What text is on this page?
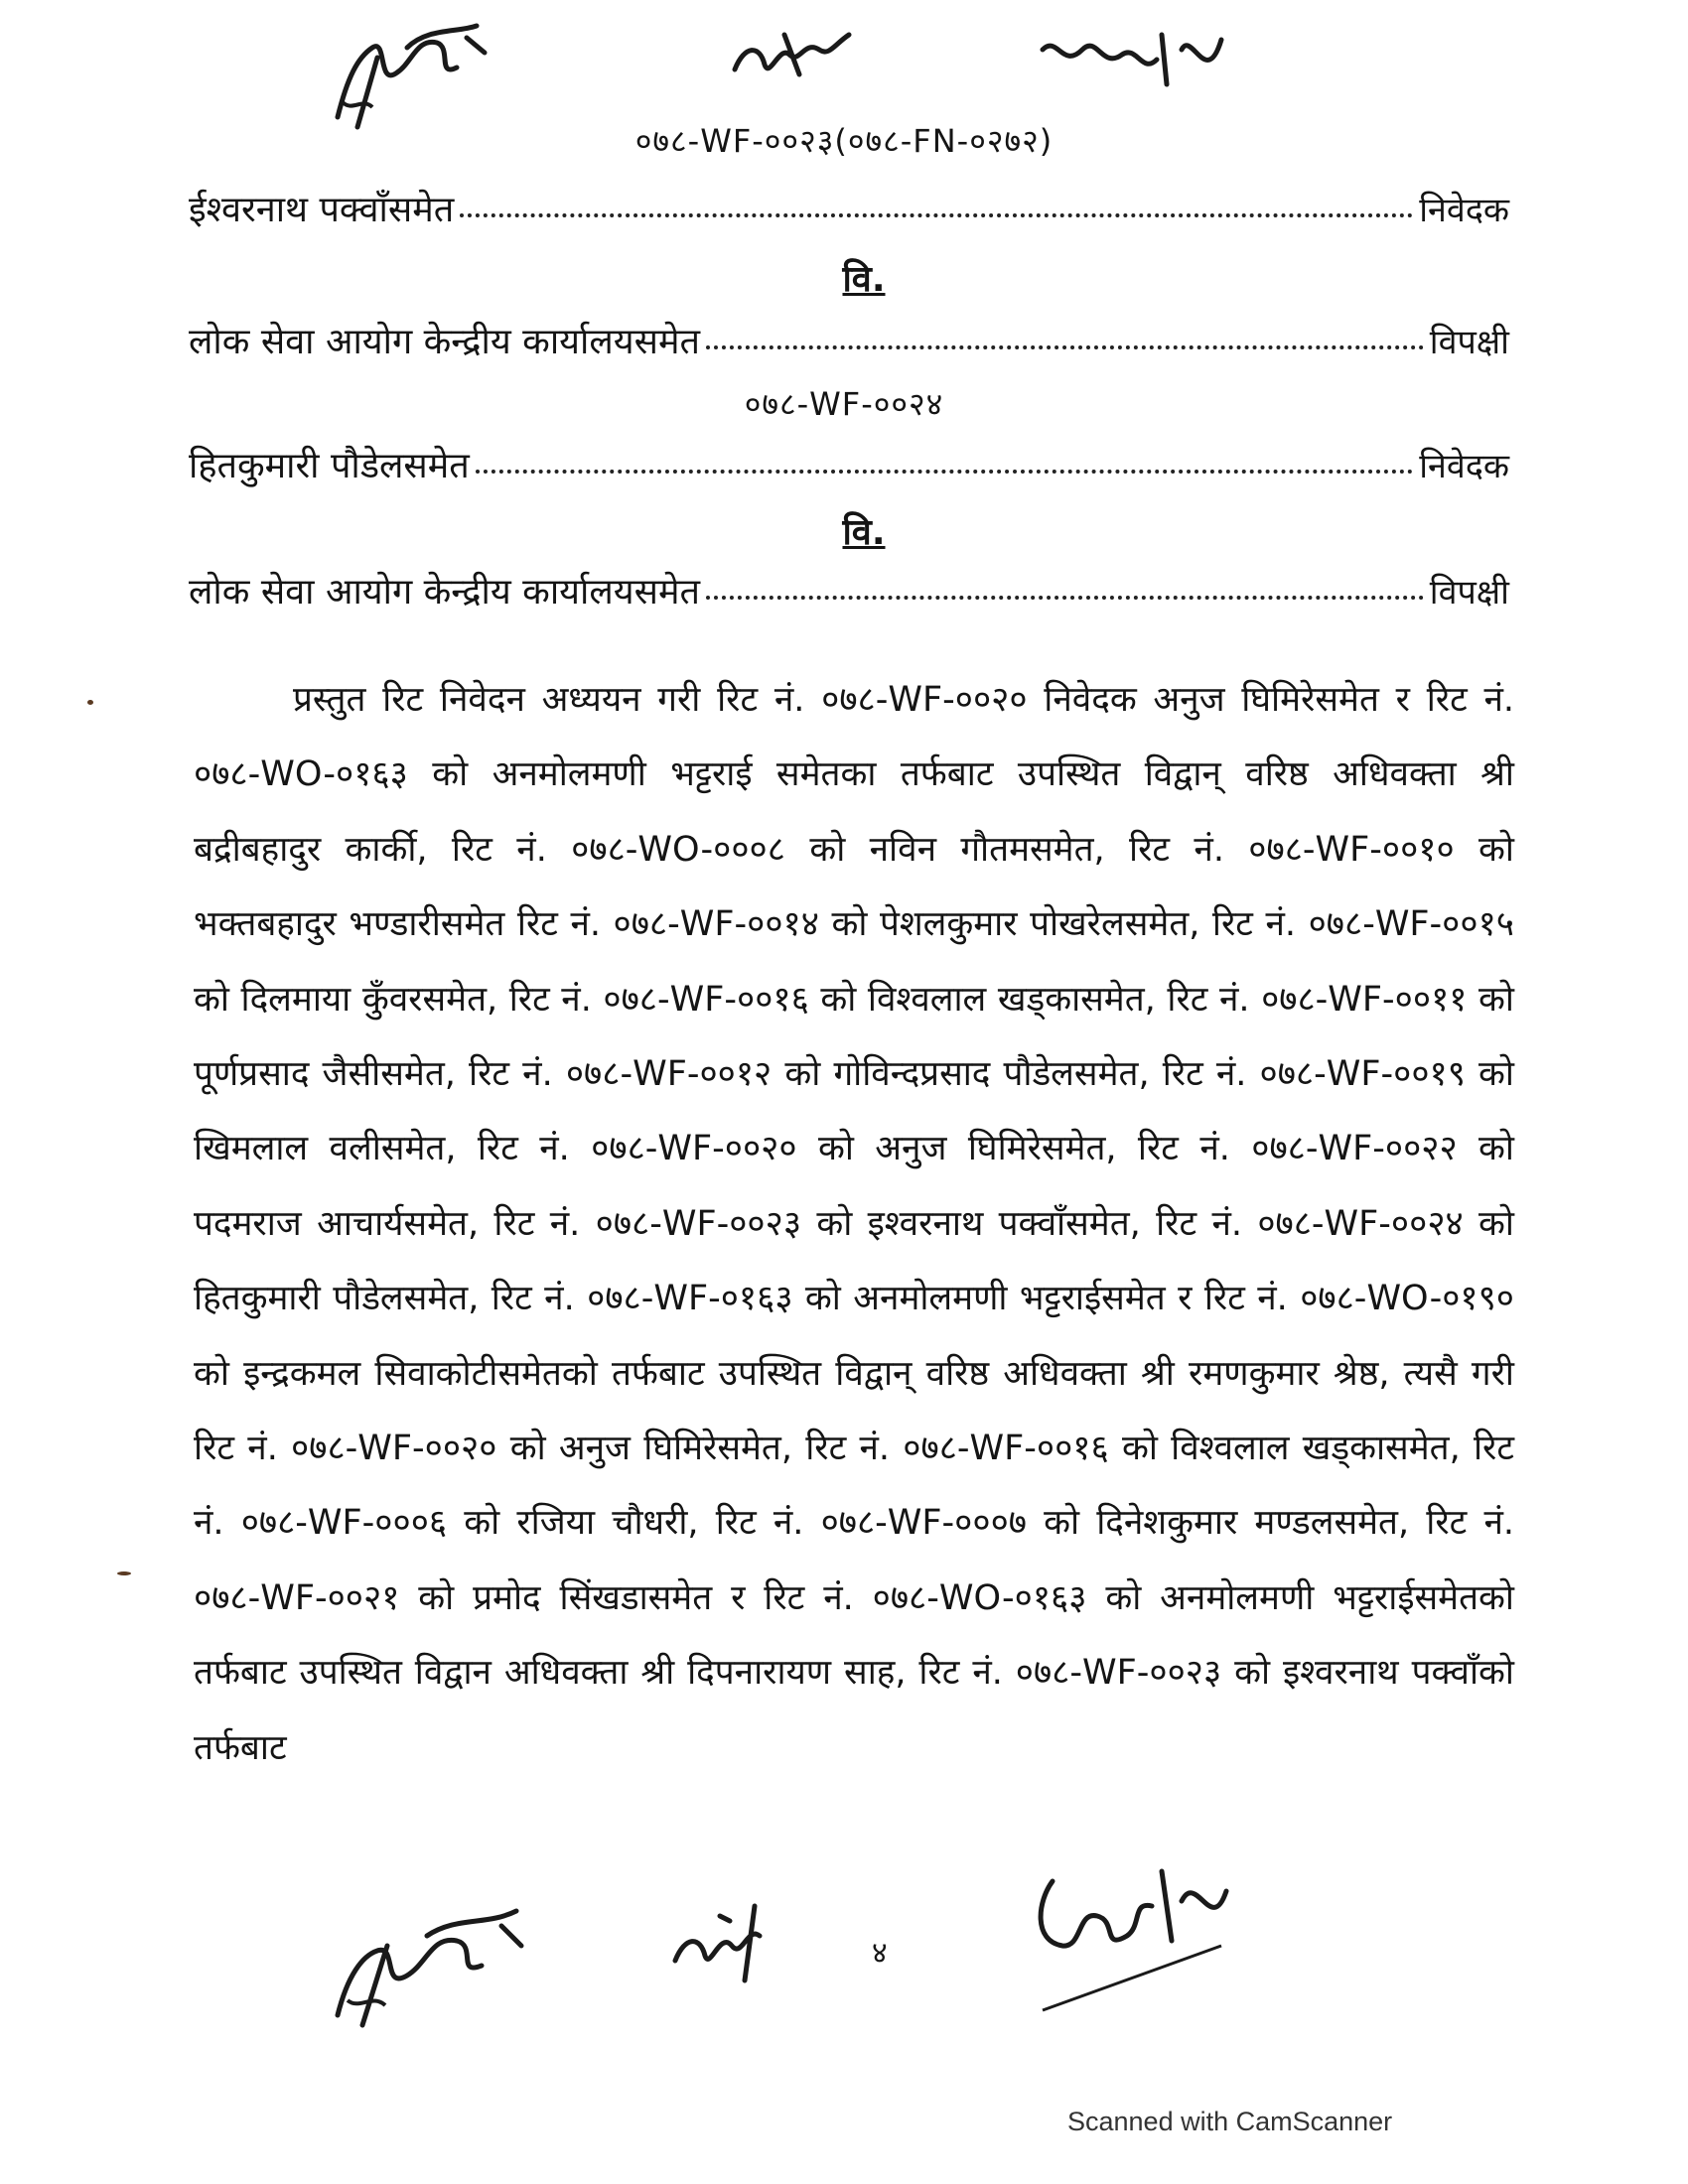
०७८-WF-००२३(०७८-FN-०२७२)
ईश्वरनाथ पक्वाँसमेत	निवेदक
वि.
लोक सेवा आयोग केन्द्रीय कार्यालयसमेत	विपक्षी
०७८-WF-००२४
हितकुमारी पौडेलसमेत	निवेदक
वि.
लोक सेवा आयोग केन्द्रीय कार्यालयसमेत	विपक्षी

प्रस्तुत रिट निवेदन अध्ययन गरी रिट नं. ०७८-WF-००२० निवेदक अनुज घिमिरेसमेत र रिट नं. ०७८-WO-०१६३ को अनमोलमणी भट्टराई समेतका तर्फबाट उपस्थित विद्वान् वरिष्ठ अधिवक्ता श्री बद्रीबहादुर कार्की, रिट नं. ०७८-WO-०००८ को नविन गौतमसमेत, रिट नं. ०७८-WF-००१० को भक्तबहादुर भण्डारीसमेत रिट नं. ०७८-WF-००१४ को पेशलकुमार पोखरेलसमेत, रिट नं. ०७८-WF-००१५ को दिलमाया कुँवरसमेत, रिट नं. ०७८-WF-००१६ को विश्वलाल खड्कासमेत, रिट नं. ०७८-WF-००११ को पूर्णप्रसाद जैसीसमेत, रिट नं. ०७८-WF-००१२ को गोविन्दप्रसाद पौडेलसमेत, रिट नं. ०७८-WF-००१९ को खिमलाल वलीसमेत, रिट नं. ०७८-WF-००२० को अनुज घिमिरेसमेत, रिट नं. ०७८-WF-००२२ को पदमराज आचार्यसमेत, रिट नं. ०७८-WF-००२३ को इश्वरनाथ पक्वाँसमेत, रिट नं. ०७८-WF-००२४ को हितकुमारी पौडेलसमेत, रिट नं. ०७८-WF-०१६३ को अनमोलमणी भट्टराईसमेत र रिट नं. ०७८-WO-०१९० को इन्द्रकमल सिवाकोटीसमेतको तर्फबाट उपस्थित विद्वान् वरिष्ठ अधिवक्ता श्री रमणकुमार श्रेष्ठ, त्यसै गरी रिट नं. ०७८-WF-००२० को अनुज घिमिरेसमेत, रिट नं. ०७८-WF-००१६ को विश्वलाल खड्कासमेत, रिट नं. ०७८-WF-०००६ को रजिया चौधरी, रिट नं. ०७८-WF-०००७ को दिनेशकुमार मण्डलसमेत, रिट नं. ०७८-WF-००२१ को प्रमोद सिंखडासमेत र रिट नं. ०७८-WO-०१६३ को अनमोलमणी भट्टराईसमेतको तर्फबाट उपस्थित विद्वान अधिवक्ता श्री दिपनारायण साह, रिट नं. ०७८-WF-००२३ को इश्वरनाथ पक्वाँको तर्फबाट

४
Scanned with CamScanner
